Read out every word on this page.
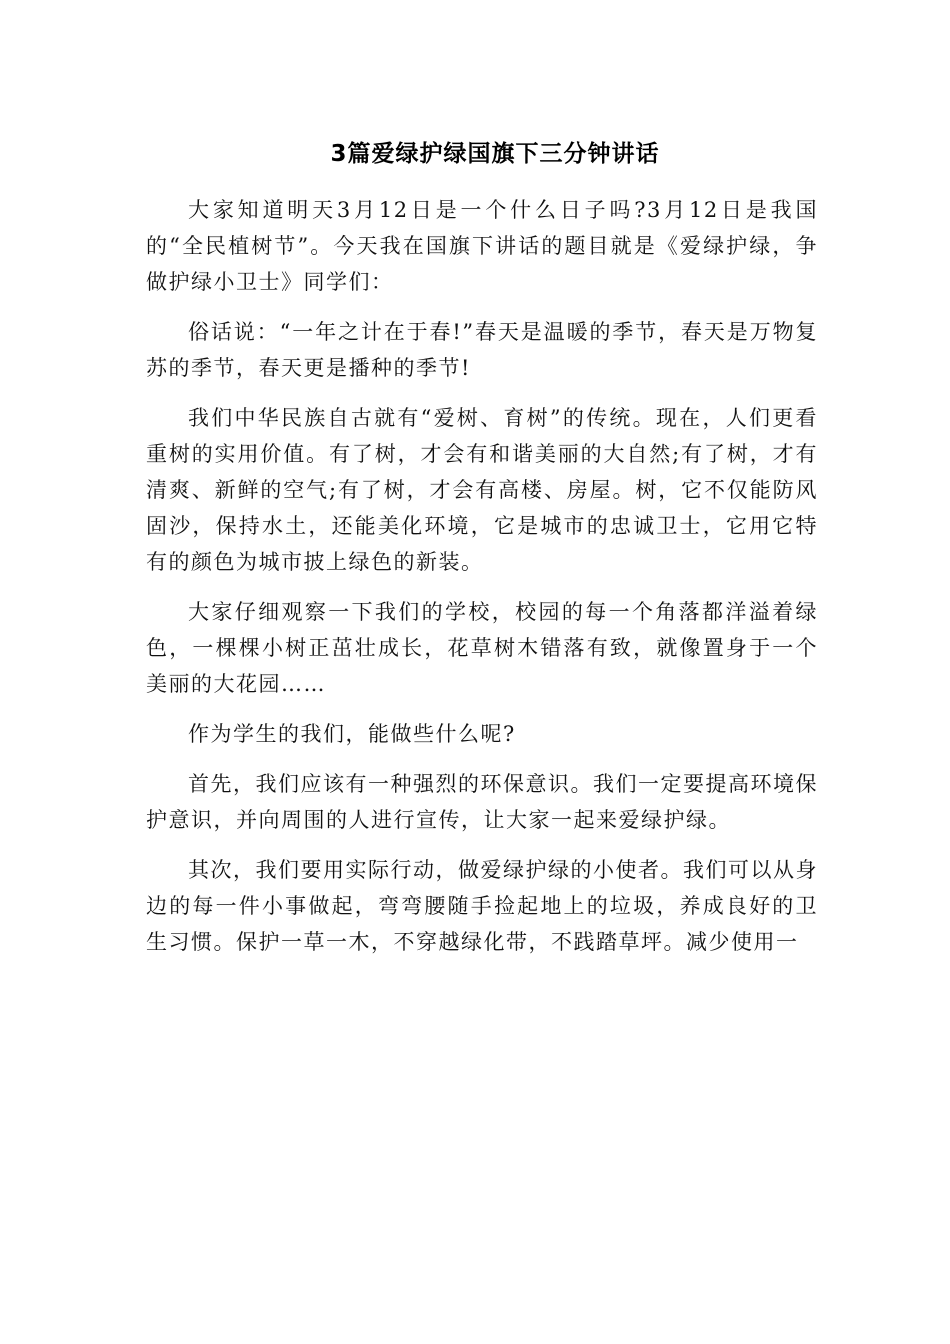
3篇爱绿护绿国旗下三分钟讲话

大家知道明天3月12日是一个什么日子吗?3月12日是我国的“全民植树节”。今天我在国旗下讲话的题目就是《爱绿护绿，争做护绿小卫士》同学们：

俗话说：“一年之计在于春!”春天是温暖的季节，春天是万物复苏的季节，春天更是播种的季节!

我们中华民族自古就有“爱树、育树”的传统。现在，人们更看重树的实用价值。有了树，才会有和谐美丽的大自然;有了树，才有清爽、新鲜的空气;有了树，才会有高楼、房屋。树，它不仅能防风固沙，保持水土，还能美化环境，它是城市的忠诚卫士，它用它特有的颜色为城市披上绿色的新装。

大家仔细观察一下我们的学校，校园的每一个角落都洋溢着绿色，一棵棵小树正茁壮成长，花草树木错落有致，就像置身于一个美丽的大花园……

作为学生的我们，能做些什么呢?

首先，我们应该有一种强烈的环保意识。我们一定要提高环境保护意识，并向周围的人进行宣传，让大家一起来爱绿护绿。

其次，我们要用实际行动，做爱绿护绿的小使者。我们可以从身边的每一件小事做起，弯弯腰随手捡起地上的垃圾，养成良好的卫生习惯。保护一草一木，不穿越绿化带，不践踏草坪。减少使用一
